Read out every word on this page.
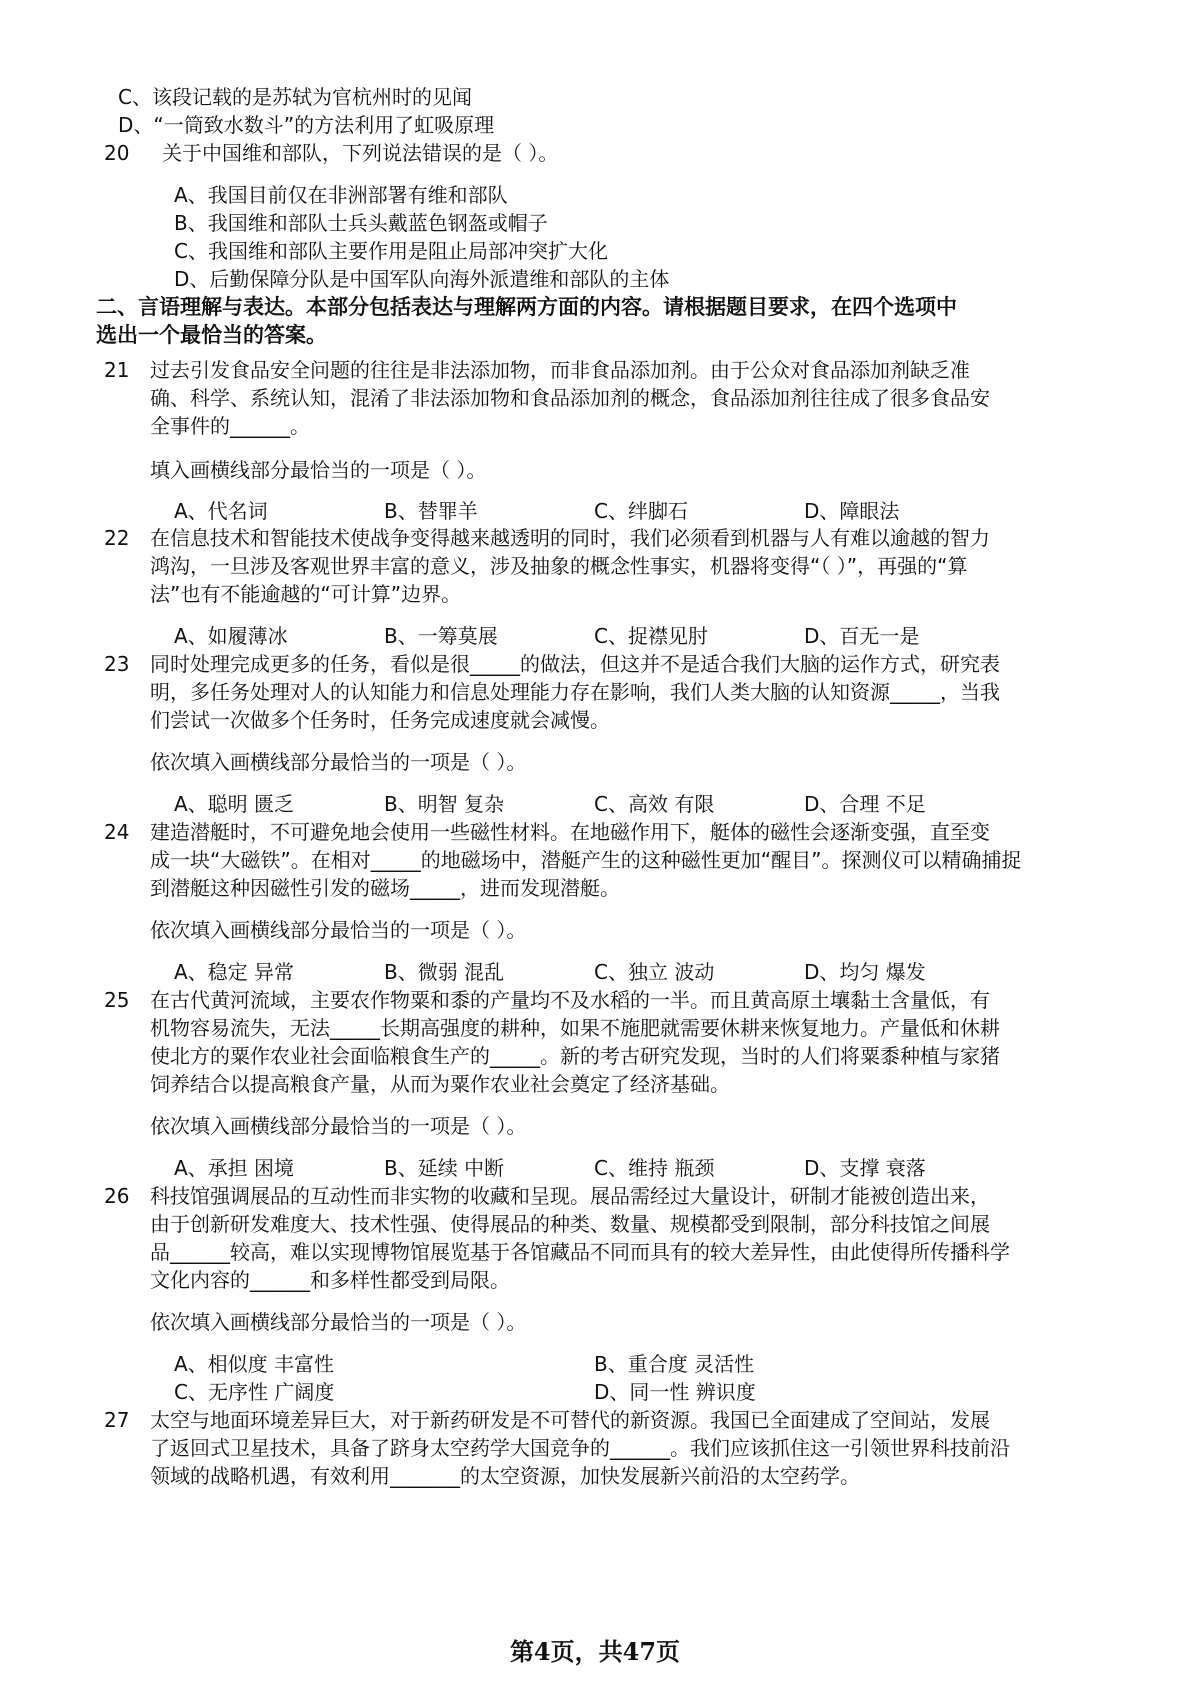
C、该段记载的是苏轼为官杭州时的见闻
D、“一筒致水数斗”的方法利用了虹吸原理
20 关于中国维和部队，下列说法错误的是（ ）。
A、我国目前仅在非洲部署有维和部队
B、我国维和部队士兵头戴蓝色钢盔或帽子
C、我国维和部队主要作用是阻止局部冲突扩大化
D、后勤保障分队是中国军队向海外派遣维和部队的主体
二、言语理解与表达。本部分包括表达与理解两方面的内容。请根据题目要求，在四个选项中
选出一个最恰当的答案。
21 过去引发食品安全问题的往往是非法添加物，而非食品添加剂。由于公众对食品添加剂缺乏准
确、科学、系统认知，混淆了非法添加物和食品添加剂的概念，食品添加剂往往成了很多食品安
全事件的______。
填入画横线部分最恰当的一项是（ ）。
A、代名词	B、替罪羊	C、绊脚石	D、障眼法
22 在信息技术和智能技术使战争变得越来越透明的同时，我们必须看到机器与人有难以逾越的智力
鸿沟，一旦涉及客观世界丰富的意义，涉及抽象的概念性事实，机器将变得“（ ）”，再强的“算
法”也有不能逾越的“可计算”边界。
A、如履薄冰	B、一筹莫展	C、捉襟见肘	D、百无一是
23 同时处理完成更多的任务，看似是很_____的做法，但这并不是适合我们大脑的运作方式，研究表
明，多任务处理对人的认知能力和信息处理能力存在影响，我们人类大脑的认知资源_____，当我
们尝试一次做多个任务时，任务完成速度就会减慢。
依次填入画横线部分最恰当的一项是（ ）。
A、聪明 匮乏	B、明智 复杂	C、高效 有限	D、合理 不足
24 建造潜艇时，不可避免地会使用一些磁性材料。在地磁作用下，艇体的磁性会逐渐变强，直至变
成一块“大磁铁”。在相对_____的地磁场中，潜艇产生的这种磁性更加“醒目”。探测仪可以精确捕捉
到潜艇这种因磁性引发的磁场_____，进而发现潜艇。
依次填入画横线部分最恰当的一项是（ ）。
A、稳定 异常	B、微弱 混乱	C、独立 波动	D、均匀 爆发
25 在古代黄河流域，主要农作物粟和黍的产量均不及水稻的一半。而且黄高原土壤黏土含量低，有
机物容易流失，无法_____长期高强度的耕种，如果不施肥就需要休耕来恢复地力。产量低和休耕
使北方的粟作农业社会面临粮食生产的_____。新的考古研究发现，当时的人们将粟黍种植与家猪
饲养结合以提高粮食产量，从而为粟作农业社会奠定了经济基础。
依次填入画横线部分最恰当的一项是（ ）。
A、承担 困境	B、延续 中断	C、维持 瓶颈	D、支撑 衰落
26 科技馆强调展品的互动性而非实物的收藏和呈现。展品需经过大量设计，研制才能被创造出来，
由于创新研发难度大、技术性强、使得展品的种类、数量、规模都受到限制，部分科技馆之间展
品______较高，难以实现博物馆展览基于各馆藏品不同而具有的较大差异性，由此使得所传播科学
文化内容的______和多样性都受到局限。
依次填入画横线部分最恰当的一项是（ ）。
A、相似度 丰富性	B、重合度 灵活性
C、无序性 广阔度	D、同一性 辨识度
27 太空与地面环境差异巨大，对于新药研发是不可替代的新资源。我国已全面建成了空间站，发展
了返回式卫星技术，具备了跻身太空药学大国竞争的______。我们应该抓住这一引领世界科技前沿
领域的战略机遇，有效利用_______的太空资源，加快发展新兴前沿的太空药学。
第4页，共47页
